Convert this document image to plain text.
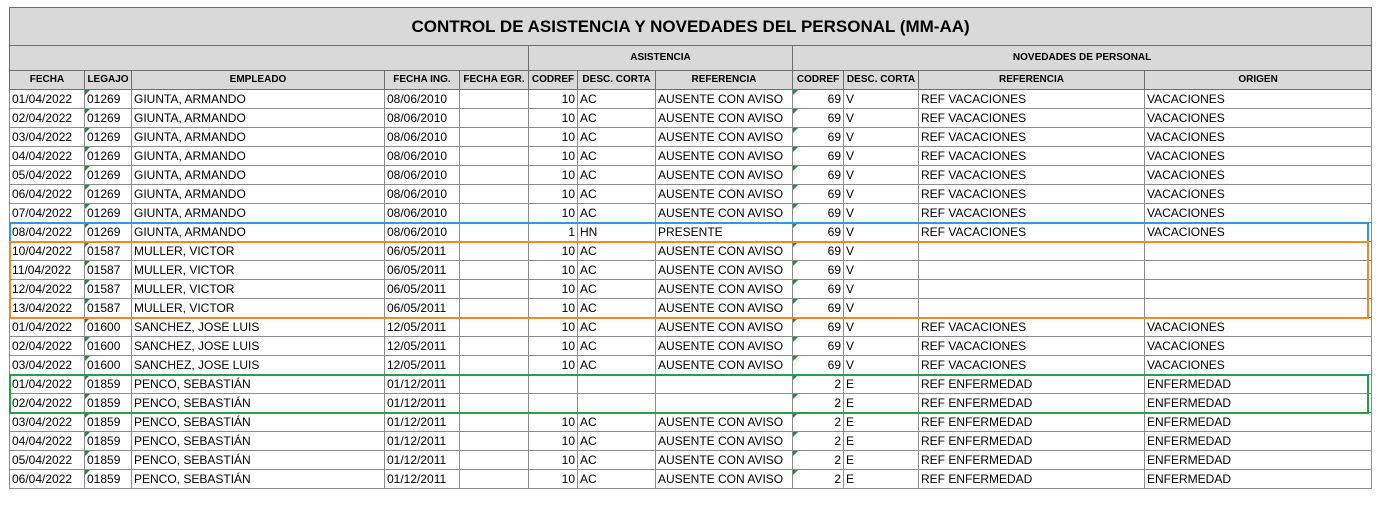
CONTROL DE ASISTENCIA Y NOVEDADES DEL PERSONAL (MM-AA)											
					ASISTENCIA			NOVEDADES DE PERSONAL			
FECHA	LEGAJO	EMPLEADO	FECHA ING.	FECHA EGR.	CODREF	DESC. CORTA	REFERENCIA	CODREF	DESC. CORTA	REFERENCIA	ORIGEN
01/04/2022	01269	GIUNTA, ARMANDO	08/06/2010		10	AC	AUSENTE CON AVISO	69	V	REF VACACIONES	VACACIONES
02/04/2022	01269	GIUNTA, ARMANDO	08/06/2010		10	AC	AUSENTE CON AVISO	69	V	REF VACACIONES	VACACIONES
03/04/2022	01269	GIUNTA, ARMANDO	08/06/2010		10	AC	AUSENTE CON AVISO	69	V	REF VACACIONES	VACACIONES
04/04/2022	01269	GIUNTA, ARMANDO	08/06/2010		10	AC	AUSENTE CON AVISO	69	V	REF VACACIONES	VACACIONES
05/04/2022	01269	GIUNTA, ARMANDO	08/06/2010		10	AC	AUSENTE CON AVISO	69	V	REF VACACIONES	VACACIONES
06/04/2022	01269	GIUNTA, ARMANDO	08/06/2010		10	AC	AUSENTE CON AVISO	69	V	REF VACACIONES	VACACIONES
07/04/2022	01269	GIUNTA, ARMANDO	08/06/2010		10	AC	AUSENTE CON AVISO	69	V	REF VACACIONES	VACACIONES
08/04/2022	01269	GIUNTA, ARMANDO	08/06/2010		1	HN	PRESENTE	69	V	REF VACACIONES	VACACIONES
10/04/2022	01587	MULLER, VICTOR	06/05/2011		10	AC	AUSENTE CON AVISO	69	V		
11/04/2022	01587	MULLER, VICTOR	06/05/2011		10	AC	AUSENTE CON AVISO	69	V		
12/04/2022	01587	MULLER, VICTOR	06/05/2011		10	AC	AUSENTE CON AVISO	69	V		
13/04/2022	01587	MULLER, VICTOR	06/05/2011		10	AC	AUSENTE CON AVISO	69	V		
01/04/2022	01600	SANCHEZ, JOSE LUIS	12/05/2011		10	AC	AUSENTE CON AVISO	69	V	REF VACACIONES	VACACIONES
02/04/2022	01600	SANCHEZ, JOSE LUIS	12/05/2011		10	AC	AUSENTE CON AVISO	69	V	REF VACACIONES	VACACIONES
03/04/2022	01600	SANCHEZ, JOSE LUIS	12/05/2011		10	AC	AUSENTE CON AVISO	69	V	REF VACACIONES	VACACIONES
01/04/2022	01859	PENCO, SEBASTIÁN	01/12/2011					2	E	REF ENFERMEDAD	ENFERMEDAD
02/04/2022	01859	PENCO, SEBASTIÁN	01/12/2011					2	E	REF ENFERMEDAD	ENFERMEDAD
03/04/2022	01859	PENCO, SEBASTIÁN	01/12/2011		10	AC	AUSENTE CON AVISO	2	E	REF ENFERMEDAD	ENFERMEDAD
04/04/2022	01859	PENCO, SEBASTIÁN	01/12/2011		10	AC	AUSENTE CON AVISO	2	E	REF ENFERMEDAD	ENFERMEDAD
05/04/2022	01859	PENCO, SEBASTIÁN	01/12/2011		10	AC	AUSENTE CON AVISO	2	E	REF ENFERMEDAD	ENFERMEDAD
06/04/2022	01859	PENCO, SEBASTIÁN	01/12/2011		10	AC	AUSENTE CON AVISO	2	E	REF ENFERMEDAD	ENFERMEDAD
